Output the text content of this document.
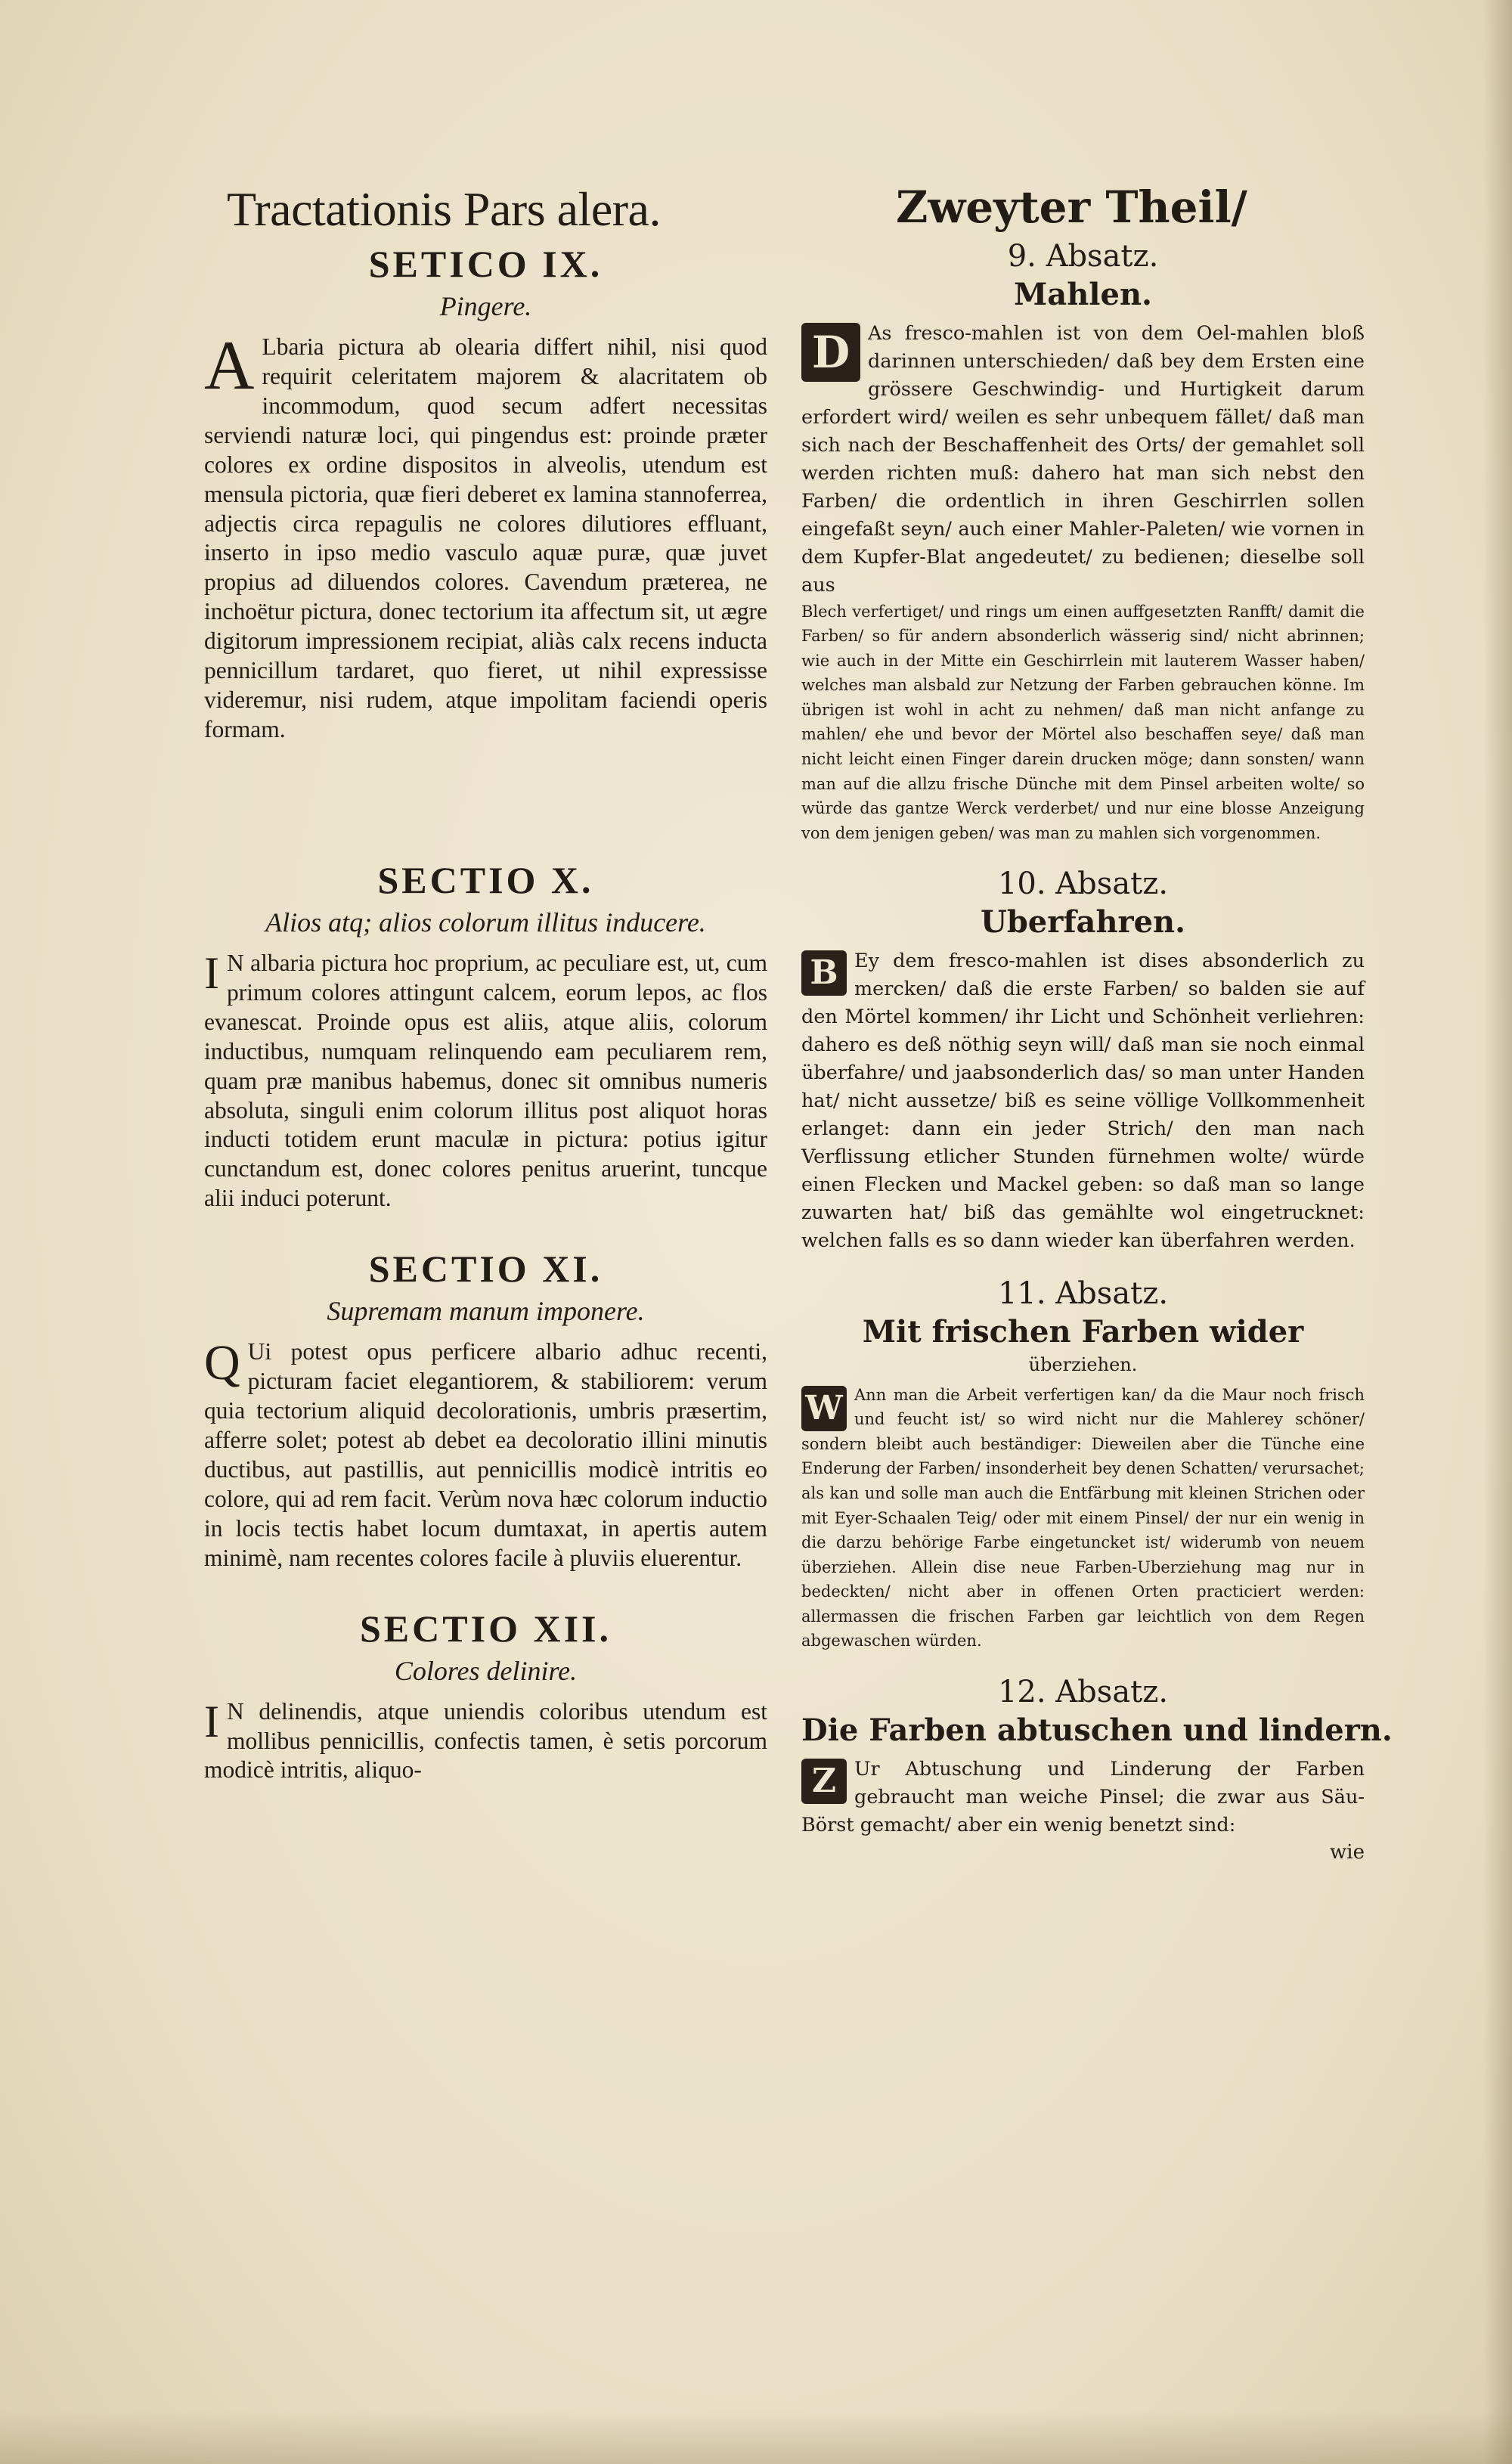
Tractationis Pars alera.
SETICO IX.
Pingere.

A Lbaria pictura ab olearia differt nihil, nisi quod requirit celeritatem majorem & alacritatem ob incommodum, quod secum adfert necessitas serviendi naturæ loci, qui pingendus est: proinde præter colores ex ordine dispositos in alveolis, utendum est mensula pictoria, quæ fieri deberet ex lamina stannoferrea, adjectis circa repagulis ne colores dilutiores effluant, inserto in ipso medio vasculo aquæ puræ, quæ juvet propius ad diluendos colores. Cavendum præterea, ne inchoëtur pictura, donec tectorium ita affectum sit, ut ægre digitorum impressionem recipiat, aliàs calx recens inducta pennicillum tardaret, quo fieret, ut nihil expressisse videremur, nisi rudem, atque impolitam faciendi operis formam.

SECTIO X.
Alios atq; alios colorum illitus inducere.

I N albaria pictura hoc proprium, ac peculiare est, ut, cum primum colores attingunt calcem, eorum lepos, ac flos evanescat. Proinde opus est aliis, atque aliis, colorum inductibus, numquam relinquendo eam peculiarem rem, quam præ manibus habemus, donec sit omnibus numeris absoluta, singuli enim colorum illitus post aliquot horas inducti totidem erunt maculæ in pictura: potius igitur cunctandum est, donec colores penitus aruerint, tuncque alii induci poterunt.

SECTIO XI.
Supremam manum imponere.

Q Ui potest opus perficere albario adhuc recenti, picturam faciet elegantiorem, & stabiliorem: verum quia tectorium aliquid decolorationis, umbris præsertim, afferre solet; potest ab debet ea decoloratio illini minutis ductibus, aut pastillis, aut pennicillis modicè intritis eo colore, qui ad rem facit. Verùm nova hæc colorum inductio in locis tectis habet locum dumtaxat, in apertis autem minimè, nam recentes colores facile à pluviis eluerentur.

SECTIO XII.
Colores delinire.

I N delinendis, atque uniendis coloribus utendum est mollibus pennicillis, confectis tamen, è setis porcorum modicè intritis, aliquo-

Zweyter Theil/
9. Absatz.
Mahlen.

D As fresco-mahlen ist von dem Oel-mahlen bloß darinnen unterschieden/ daß bey dem Ersten eine grössere Geschwindig- und Hurtigkeit darum erfordert wird/ weilen es sehr unbequem fället/ daß man sich nach der Beschaffenheit des Orts/ der gemahlet soll werden richten muß: dahero hat man sich nebst den Farben/ die ordentlich in ihren Geschirrlen sollen eingefaßt seyn/ auch einer Mahler-Paleten/ wie vornen in dem Kupfer-Blat angedeutet/ zu bedienen; dieselbe soll aus

Blech verfertiget/ und rings um einen auffgesetzten Ranfft/ damit die Farben/ so für andern absonderlich wässerig sind/ nicht abrinnen; wie auch in der Mitte ein Geschirrlein mit lauterem Wasser haben/ welches man alsbald zur Netzung der Farben gebrauchen könne. Im übrigen ist wohl in acht zu nehmen/ daß man nicht anfange zu mahlen/ ehe und bevor der Mörtel also beschaffen seye/ daß man nicht leicht einen Finger darein drucken möge; dann sonsten/ wann man auf die allzu frische Dünche mit dem Pinsel arbeiten wolte/ so würde das gantze Werck verderbet/ und nur eine blosse Anzeigung von dem jenigen geben/ was man zu mahlen sich vorgenommen.

10. Absatz.
Uberfahren.

B Ey dem fresco-mahlen ist dises absonderlich zu mercken/ daß die erste Farben/ so balden sie auf den Mörtel kommen/ ihr Licht und Schönheit verliehren: dahero es deß nöthig seyn will/ daß man sie noch einmal überfahre/ und jaabsonderlich das/ so man unter Handen hat/ nicht aussetze/ biß es seine völlige Vollkommenheit erlanget: dann ein jeder Strich/ den man nach Verflissung etlicher Stunden fürnehmen wolte/ würde einen Flecken und Mackel geben: so daß man so lange zuwarten hat/ biß das gemählte wol eingetrucknet: welchen falls es so dann wieder kan überfahren werden.

11. Absatz.
Mit frischen Farben wider
überziehen.

W Ann man die Arbeit verfertigen kan/ da die Maur noch frisch und feucht ist/ so wird nicht nur die Mahlerey schöner/ sondern bleibt auch beständiger: Dieweilen aber die Tünche eine Enderung der Farben/ insonderheit bey denen Schatten/ verursachet; als kan und solle man auch die Entfärbung mit kleinen Strichen oder mit Eyer-Schaalen Teig/ oder mit einem Pinsel/ der nur ein wenig in die darzu behörige Farbe eingetuncket ist/ widerumb von neuem überziehen. Allein dise neue Farben-Uberziehung mag nur in bedeckten/ nicht aber in offenen Orten practiciert werden: allermassen die frischen Farben gar leichtlich von dem Regen abgewaschen würden.

12. Absatz.
Die Farben abtuschen und lindern.

Z Ur Abtuschung und Linderung der Farben gebraucht man weiche Pinsel; die zwar aus Säu-Börst gemacht/ aber ein wenig benetzt sind:

wie
